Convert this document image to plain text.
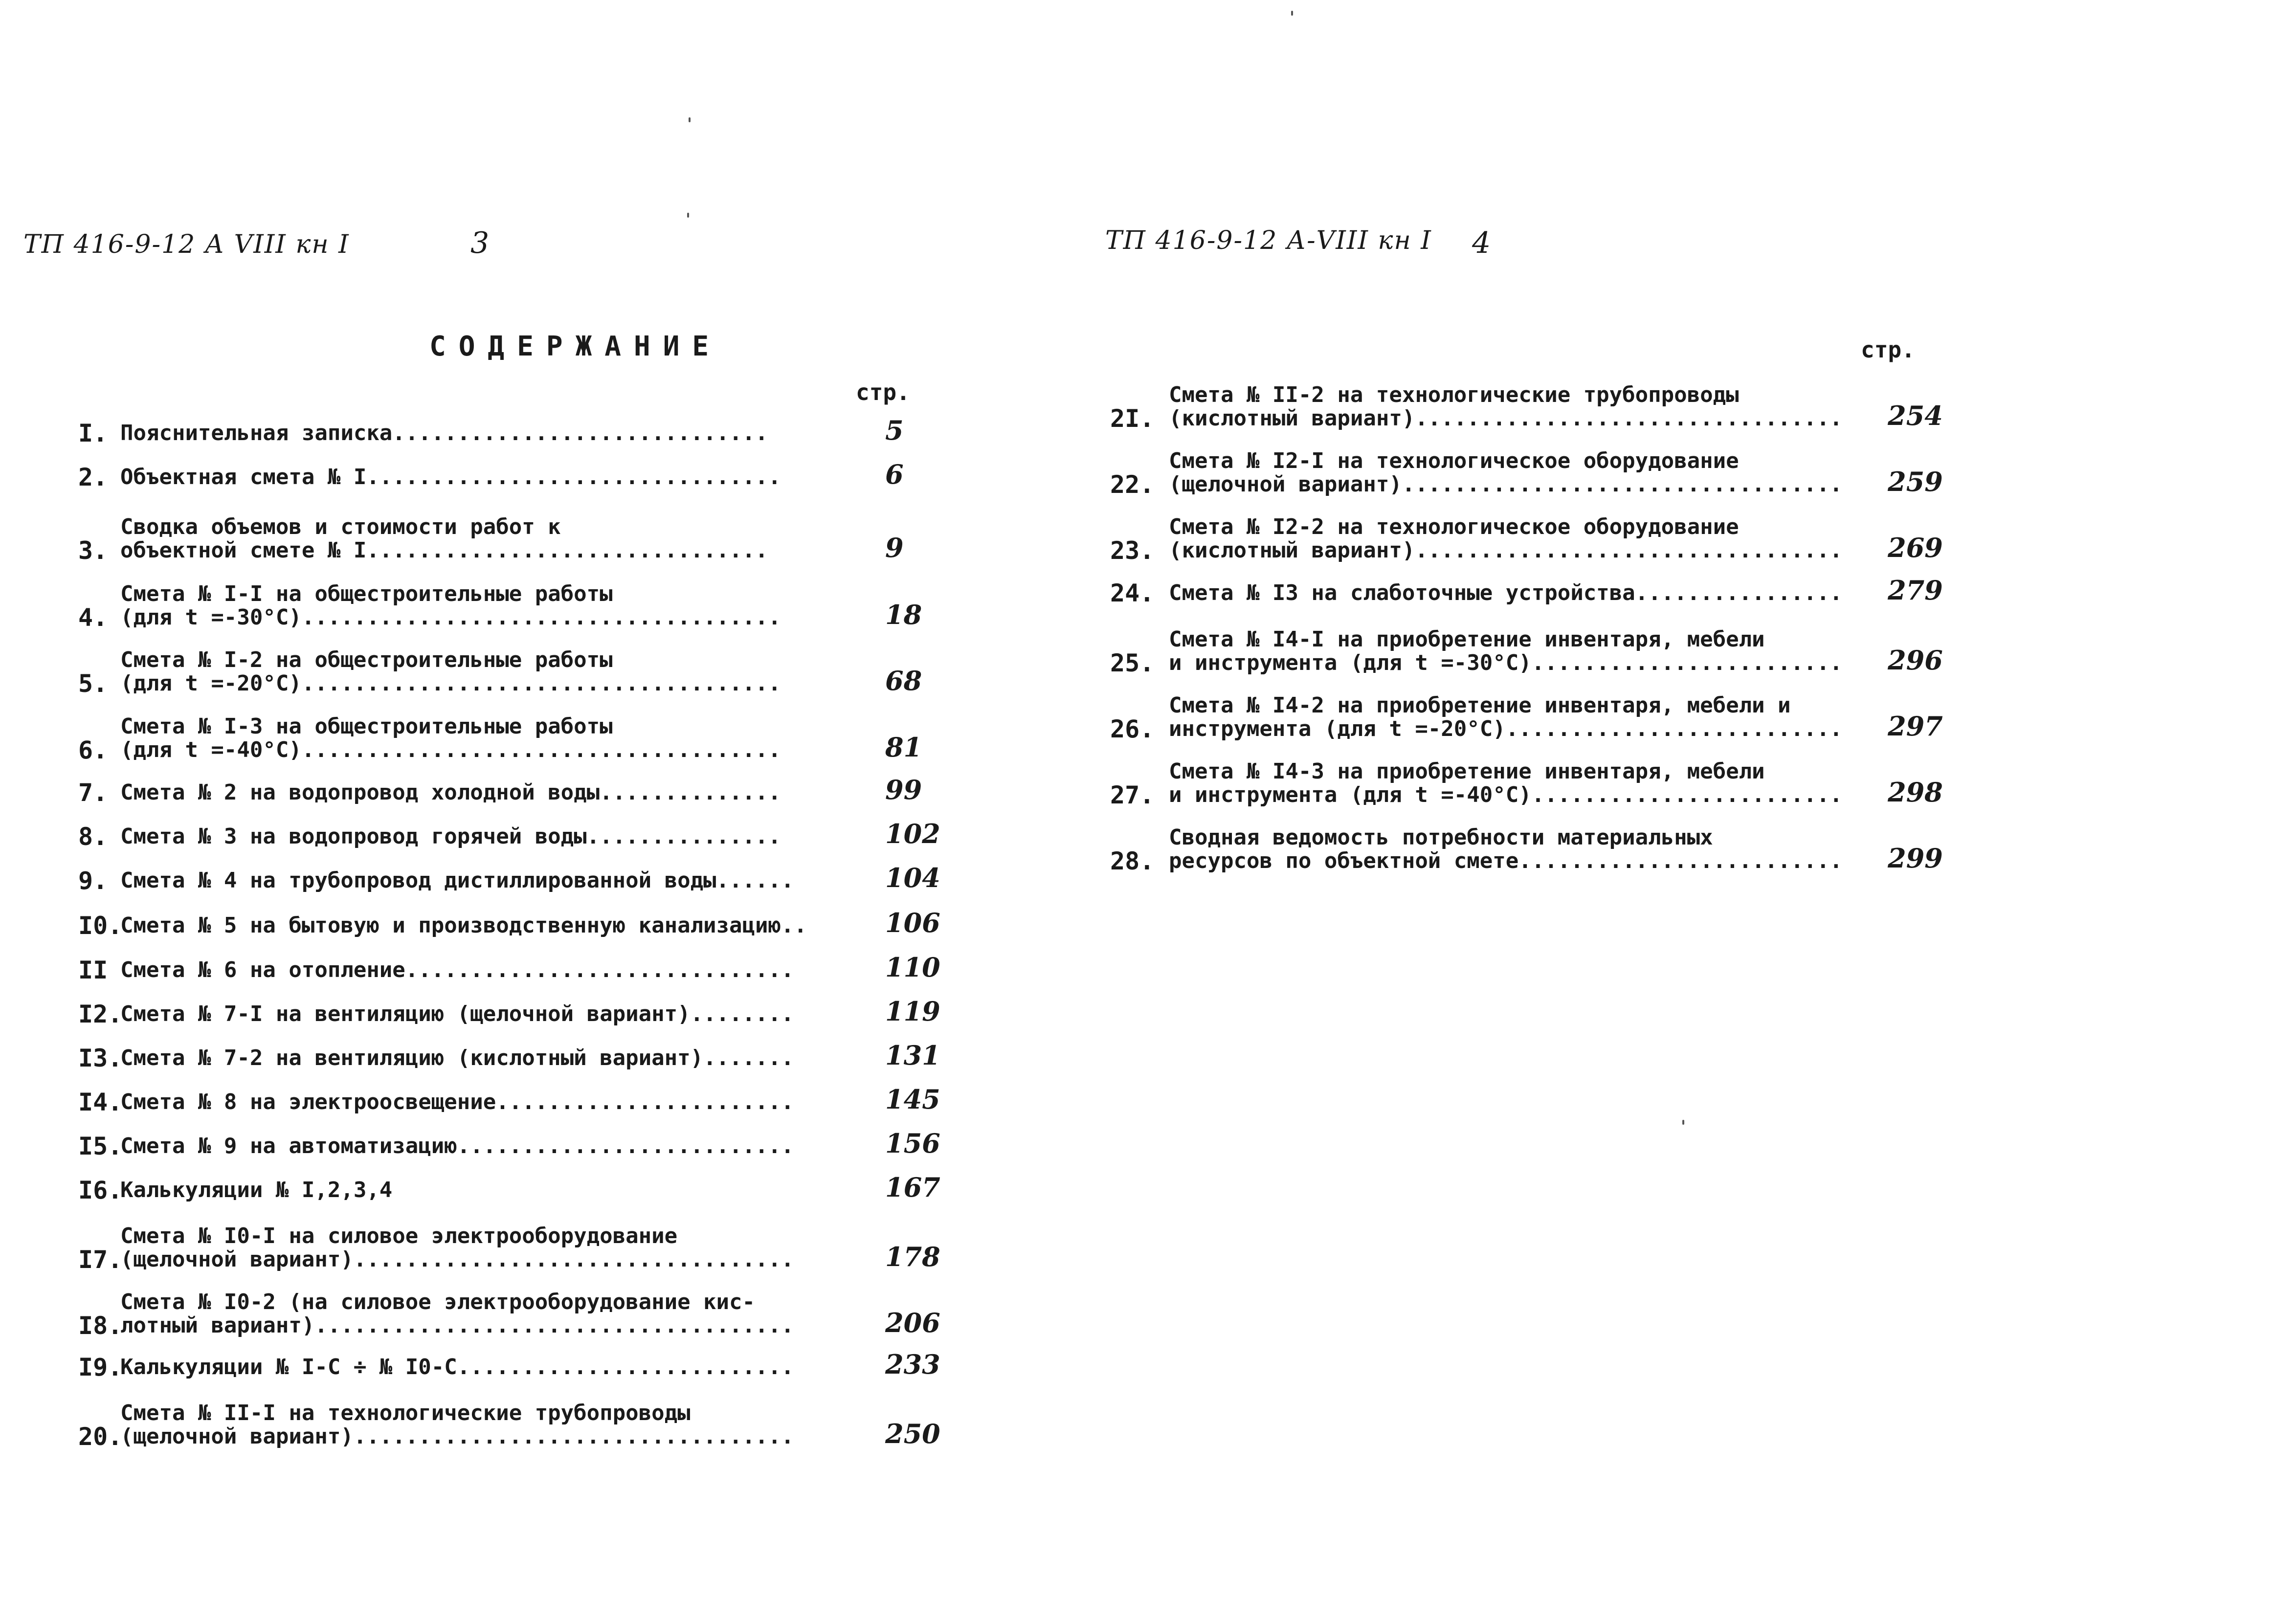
ТП 416-9-12 А VIII кн I	3
СОДЕРЖАНИЕ
стр.
I. Пояснительная записка.............................	5
2. Объектная смета № I................................	6
3.
Сводка объемов и стоимости работ к
объектной смете № I...............................	9
4.
Смета № I-I на общестроительные работы
(для t =-30°C).....................................	18
5.
Смета № I-2 на общестроительные работы
(для t =-20°C).....................................	68
6.
Смета № I-3 на общестроительные работы
(для t =-40°C).....................................	81
7. Смета № 2 на водопровод холодной воды..............	99
8. Смета № 3 на водопровод горячей воды...............	102
9. Смета № 4 на трубопровод дистиллированной воды......	104
I0.
Смета № 5 на бытовую и производственную канализацию..	106
II Смета № 6 на отопление..............................	110
I2.
Смета № 7-I на вентиляцию (щелочной вариант)........	119
I3.
Смета № 7-2 на вентиляцию (кислотный вариант).......	131
I4.
Смета № 8 на электроосвещение.......................	145
I5.
Смета № 9 на автоматизацию..........................	156
I6.
Калькуляции № I,2,3,4	167
I7.
Смета № I0-I на силовое электрооборудование
(щелочной вариант)..................................	178
I8.
Смета № I0-2 (на силовое электрооборудование кис-
лотный вариант).....................................	206
I9.
Калькуляции № I-С ÷ № I0-С..........................	233
20.
Смета № II-I на технологические трубопроводы
(щелочной вариант)..................................	250
ТП 416-9-12 А-VIII кн I 4
стр.
2I.
Смета № II-2 на технологические трубопроводы
(кислотный вариант).................................	254
22.
Смета № I2-I на технологическое оборудование
(щелочной вариант)..................................	259
23.
Смета № I2-2 на технологическое оборудование
(кислотный вариант).................................	269
24. Смета № I3 на слаботочные устройства................	279
25.
Смета № I4-I на приобретение инвентаря, мебели
и инструмента (для t =-30°C)........................	296
26.
Смета № I4-2 на приобретение инвентаря, мебели и
инструмента (для t =-20°C)..........................	297
27.
Смета № I4-3 на приобретение инвентаря, мебели
и инструмента (для t =-40°C)........................	298
28.
Сводная ведомость потребности материальных
ресурсов по объектной смете.........................	299
